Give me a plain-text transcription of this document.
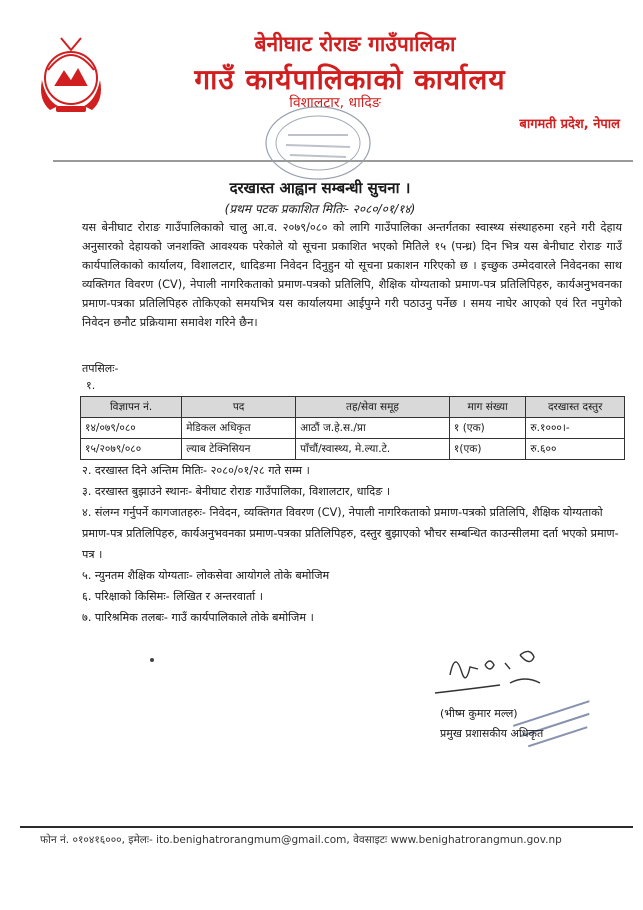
बेनीघाट रोराङ गाउँपालिका
गाउँ कार्यपालिकाको कार्यालय
विशालटार, धादिङ
बागमती प्रदेश, नेपाल
दरखास्त आह्वान सम्बन्धी सुचना ।
(प्रथम पटक प्रकाशित मितिः- २०८०/०१/१४)
यस बेनीघाट रोराङ गाउँपालिकाको चालु आ.व. २०७९/०८० को लागि गाउँपालिका अन्तर्गतका स्वास्थ्य संस्थाहरुमा रहने गरी देहाय अनुसारको देहायको जनशक्ति आवश्यक परेकोले यो सूचना प्रकाशित भएको मितिले १५ (पन्ध्र) दिन भित्र यस बेनीघाट रोराङ गाउँ कार्यपालिकाको कार्यालय, विशालटार, धादिङमा निवेदन दिनुहुन यो सूचना प्रकाशन गरिएको छ । इच्छुक उम्मेदवारले निवेदनका साथ व्यक्तिगत विवरण (CV), नेपाली नागरिकताको प्रमाण-पत्रको प्रतिलिपि, शैक्षिक योग्यताको प्रमाण-पत्र प्रतिलिपिहरु, कार्यअनुभवनका प्रमाण-पत्रका प्रतिलिपिहरु तोकिएको समयभित्र यस कार्यालयमा आईपुग्ने गरी पठाउनु पर्नेछ । समय नाघेर आएको एवं रित नपुगेको निवेदन छनौट प्रक्रियामा समावेश गरिने छैन।
तपसिलः-
१.
विज्ञापन नं.	पद	तह/सेवा समूह	माग संख्या	दरखास्त दस्तुर
१४/०७९/०८०	मेडिकल अधिकृत	आठौं ज.हे.स./प्रा	१ (एक)	रु.१०००।-
१५/२०७९/०८०	ल्याब टेक्निसियन	पाँचौं/स्वास्थ्य, मे.ल्या.टे.	१(एक)	रु.६००
२. दरखास्त दिने अन्तिम मितिः- २०८०/०१/२८ गते सम्म ।
३. दरखास्त बुझाउने स्थानः- बेनीघाट रोराङ गाउँपालिका, विशालटार, धादिङ ।
४. संलग्न गर्नुपर्ने कागजातहरुः- निवेदन, व्यक्तिगत विवरण (CV), नेपाली नागरिकताको प्रमाण-पत्रको प्रतिलिपि, शैक्षिक योग्यताको प्रमाण-पत्र प्रतिलिपिहरु, कार्यअनुभवनका प्रमाण-पत्रका प्रतिलिपिहरु, दस्तुर बुझाएको भौचर सम्बन्धित काउन्सीलमा दर्ता भएको प्रमाण-पत्र ।
५. न्युनतम शैक्षिक योग्यताः- लोकसेवा आयोगले तोके बमोजिम
६. परिक्षाको किसिमः- लिखित र अन्तरवार्ता ।
७. पारिश्रमिक तलबः- गाउँ कार्यपालिकाले तोके बमोजिम ।
(भीष्म कुमार मल्ल)
प्रमुख प्रशासकीय अधिकृत
फोन नं. ०१०४१६०००, इमेलः- ito.benighatrorangmum@gmail.com, वेवसाइटः www.benighatrorangmun.gov.np
